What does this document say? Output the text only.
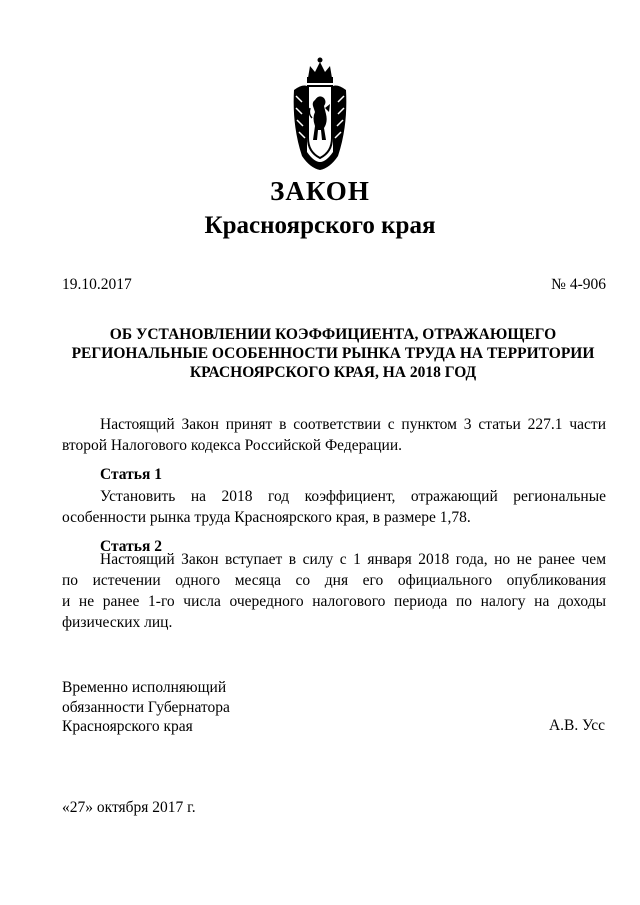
ЗАКОН
Красноярского края
19.10.2017	№ 4-906
ОБ УСТАНОВЛЕНИИ КОЭФФИЦИЕНТА, ОТРАЖАЮЩЕГО
РЕГИОНАЛЬНЫЕ ОСОБЕННОСТИ РЫНКА ТРУДА НА ТЕРРИТОРИИ
КРАСНОЯРСКОГО КРАЯ, НА 2018 ГОД
Настоящий Закон принят в соответствии с пунктом 3 статьи 227.1 части
второй Налогового кодекса Российской Федерации.
Статья 1
Установить на 2018 год коэффициент, отражающий региональные
особенности рынка труда Красноярского края, в размере 1,78.
Статья 2
Настоящий Закон вступает в силу с 1 января 2018 года, но не ранее чем
по истечении одного месяца со дня его официального опубликования
и не ранее 1-го числа очередного налогового периода по налогу на доходы
физических лиц.
Временно исполняющий
обязанности Губернатора
Красноярского края	А.В. Усс
«27» октября 2017 г.
